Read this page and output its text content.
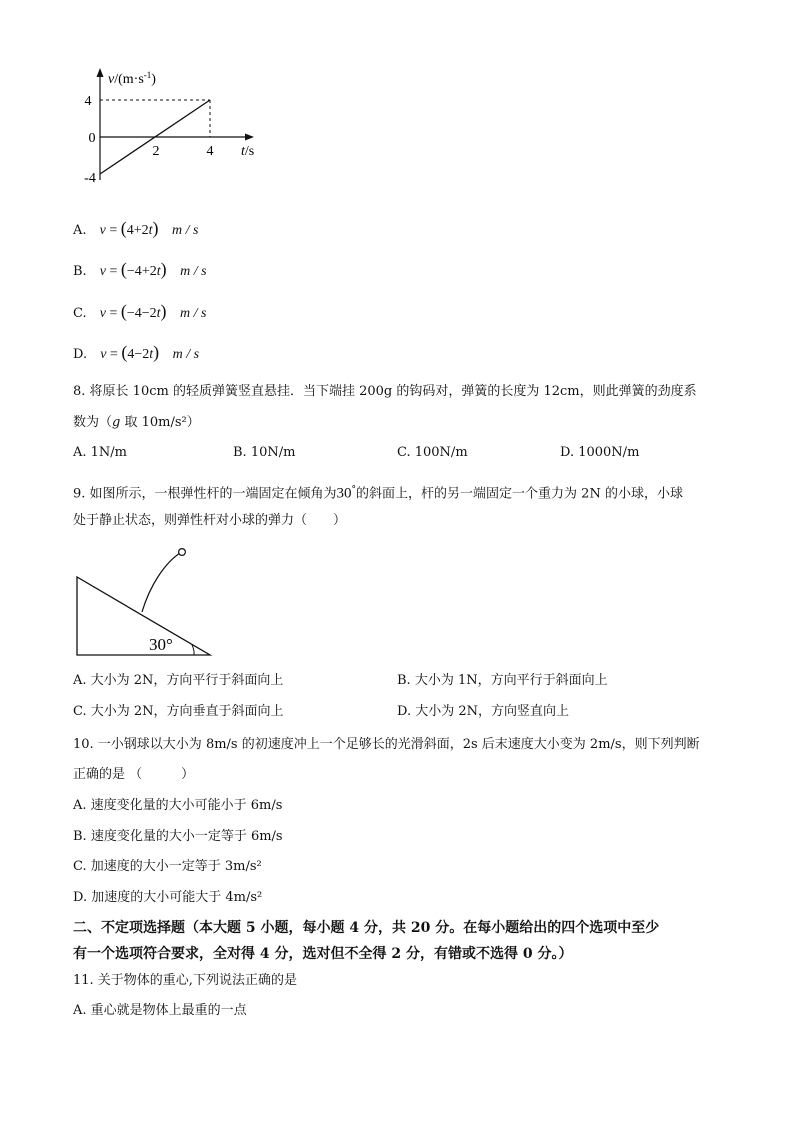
$v/(m\cdot s^{-1})$
4
0
-4
2	4 t/s
A. v = (4+2t) m / s
B. v = (−4+2t) m / s
C. v = (−4−2t) m / s
D. v = (4−2t) m / s
8. 将原长 10cm 的轻质弹簧竖直悬挂．当下端挂 200g 的钩码对，弹簧的长度为 12cm，则此弹簧的劲度系
数为（g 取 10m/s²）
A. 1N/m	B. 10N/m	C. 100N/m	D. 1000N/m
9. 如图所示，一根弹性杆的一端固定在倾角为30°的斜面上，杆的另一端固定一个重力为 2N 的小球，小球
处于静止状态，则弹性杆对小球的弹力（　　）
30°
A. 大小为 2N，方向平行于斜面向上	B. 大小为 1N，方向平行于斜面向上
C. 大小为 2N，方向垂直于斜面向上	D. 大小为 2N，方向竖直向上
10. 一小钢球以大小为 8m/s 的初速度冲上一个足够长的光滑斜面，2s 后末速度大小变为 2m/s，则下列判断
正确的是 （　　　）
A. 速度变化量的大小可能小于 6m/s
B. 速度变化量的大小一定等于 6m/s
C. 加速度的大小一定等于 3m/s²
D. 加速度的大小可能大于 4m/s²
二、不定项选择题（本大题 5 小题，每小题 4 分，共 20 分。在每小题给出的四个选项中至少
有一个选项符合要求，全对得 4 分，选对但不全得 2 分，有错或不选得 0 分。）
11. 关于物体的重心,下列说法正确的是
A. 重心就是物体上最重的一点
